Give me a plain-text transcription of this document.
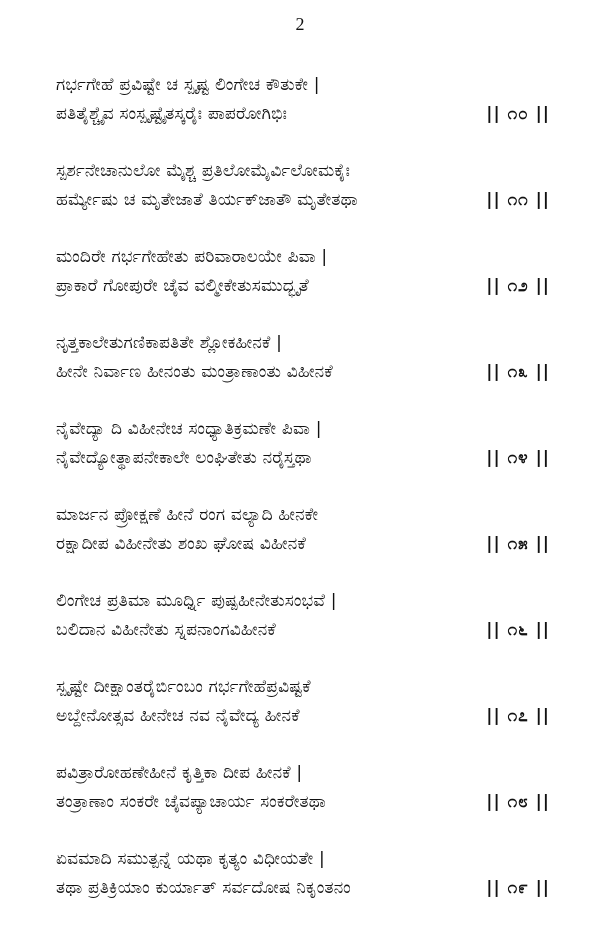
2
ಗರ್ಭಗೇಹೆ ಪ್ರವಿಷ್ಟೇ ಚ ಸ್ಪೃಷ್ಟ ಲಿಂಗೇಚ ಕೌತುಕೇ |
ಪತಿತೈಶ್ಚೈವ ಸಂಸ್ಪೃಷ್ಟೈತಸ್ಕರೈಃ ಪಾಪರೋಗಿಭಿಃ	|| ೧೦ ||
ಸ್ಪರ್ಶನೇಚಾನುಲೋ ಮೈಶ್ಚ ಪ್ರತಿಲೋಮೈರ್ವಿಲೋಮಕೈಃ
ಹರ್ಮ್ಯೇಷು ಚ ಮೃತೇಜಾತೆ ತಿರ್ಯಕ್‌ಜಾತೌ ಮೃತೇತಥಾ	|| ೧೧ ||
ಮಂದಿರೇ ಗರ್ಭಗೇಹೇತು ಪರಿವಾರಾಲಯೇ ಪಿವಾ |
ಪ್ರಾಕಾರೆ ಗೋಪುರೇ ಚೈವ ವಲ್ಮೀಕೇತುಸಮುದ್ಭೃತೆ	|| ೧೨ ||
ನೃತ್ತಕಾಲೇತುಗಣಿಕಾಪತಿತೇ ಶ್ಲೋಕಹೀನಕೆ |
ಹೀನೇ ನಿರ್ವಾಣ ಹೀನಂತು ಮಂತ್ರಾಣಾಂತು ವಿಹೀನಕೆ	|| ೧೩ ||
ನೈವೇದ್ಯಾ ದಿ ವಿಹೀನೇಚ ಸಂಧ್ಯಾತಿಕ್ರಮಣೇ ಪಿವಾ |
ನೈವೇದ್ಯೋತ್ಥಾಪನೇಕಾಲೇ ಲಂಘಿತೇತು ನರೈಸ್ತಥಾ	|| ೧೪ ||
ಮಾರ್ಜನ ಪ್ರೋಕ್ಷಣೆ ಹೀನೆ ರಂಗ ವಲ್ಯಾದಿ ಹೀನಕೇ
ರಕ್ಷಾದೀಪ ವಿಹೀನೇತು ಶಂಖ ಘೋಷ ವಿಹೀನಕೆ	|| ೧೫ ||
ಲಿಂಗೇಚ ಪ್ರತಿಮಾ ಮೂರ್ಧ್ನಿ ಪುಷ್ಪಹೀನೇತುಸಂಭವೆ |
ಬಲಿದಾನ ವಿಹೀನೇತು ಸ್ನಪನಾಂಗವಿಹೀನಕೆ	|| ೧೬ ||
ಸ್ಪೃಷ್ಟೇ ದೀಕ್ಷಾಂತರೈರ್ಬಿಂಬಂ ಗರ್ಭಗೇಹೆಪ್ರವಿಷ್ಟಕೆ
ಅಬ್ದೇನೋತ್ಸವ ಹೀನೇಚ ನವ ನೈವೇದ್ಯ ಹೀನಕೆ	|| ೧೭ ||
ಪವಿತ್ರಾರೋಹಣೇಹೀನೆ ಕೃತ್ತಿಕಾ ದೀಪ ಹೀನಕೆ |
ತಂತ್ರಾಣಾಂ ಸಂಕರೇ ಚೈವಪ್ಯಾಚಾರ್ಯ ಸಂಕರೇತಥಾ	|| ೧೮ ||
ಏವಮಾದಿ ಸಮುತ್ಪನ್ನೆ ಯಥಾ ಕೃತ್ಯಂ ವಿಧೀಯತೇ |
ತಥಾ ಪ್ರತಿಕ್ರಿಯಾಂ ಕುರ್ಯಾತ್ ಸರ್ವದೋಷ ನಿಕೃಂತನಂ	|| ೧೯ ||
